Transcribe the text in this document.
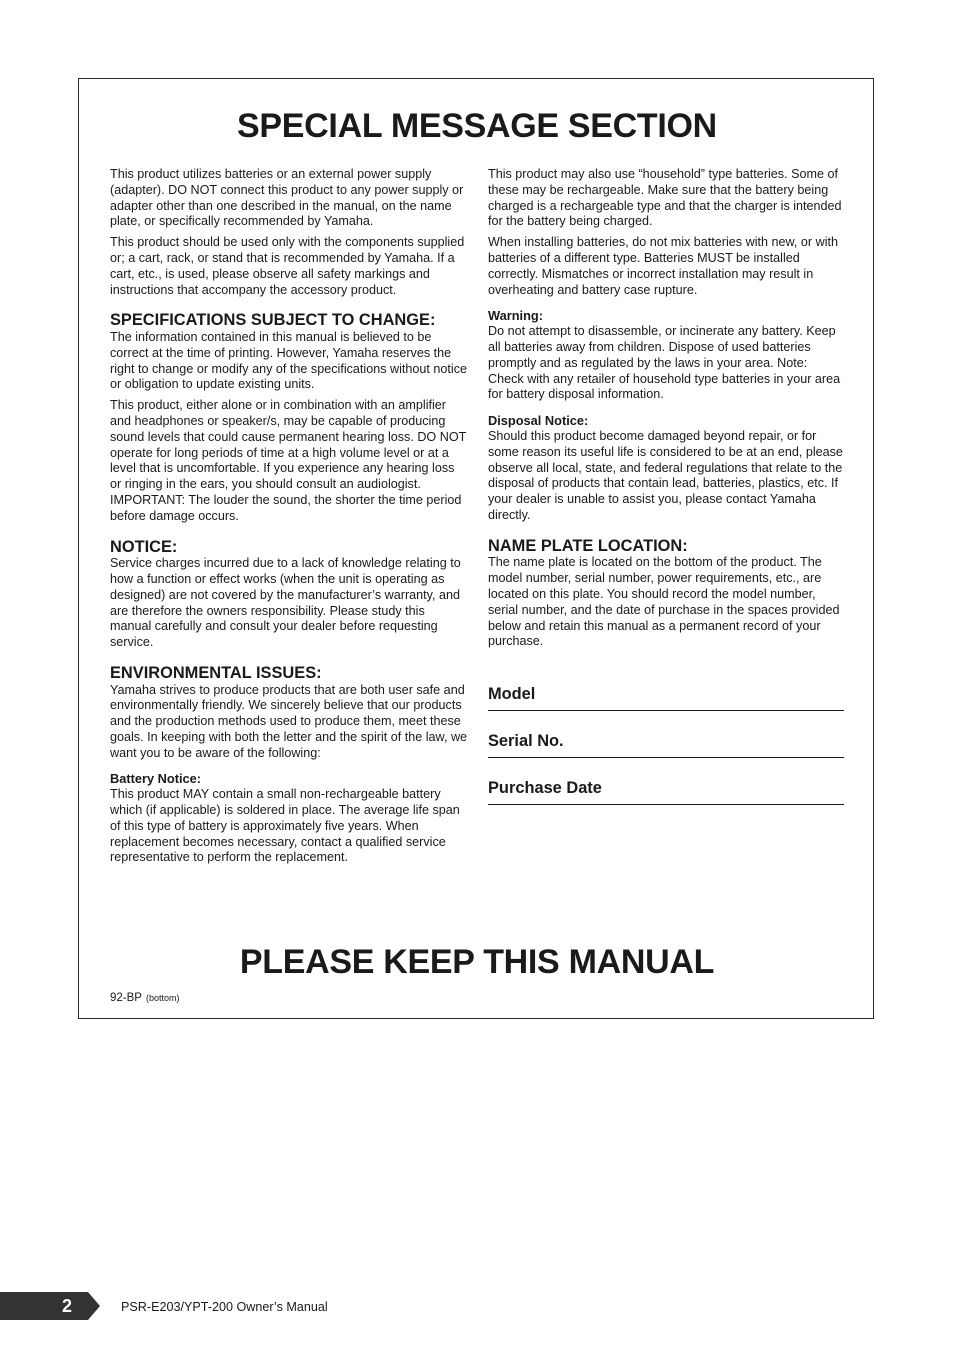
SPECIAL MESSAGE SECTION

This product utilizes batteries or an external power supply (adapter). DO NOT connect this product to any power supply or adapter other than one described in the manual, on the name plate, or specifically recommended by Yamaha.

This product should be used only with the components supplied or; a cart, rack, or stand that is recommended by Yamaha. If a cart, etc., is used, please observe all safety markings and instructions that accompany the accessory product.

SPECIFICATIONS SUBJECT TO CHANGE:

The information contained in this manual is believed to be correct at the time of printing. However, Yamaha reserves the right to change or modify any of the specifications without notice or obligation to update existing units.

This product, either alone or in combination with an amplifier and headphones or speaker/s, may be capable of producing sound levels that could cause permanent hearing loss. DO NOT operate for long periods of time at a high volume level or at a level that is uncomfortable. If you experience any hearing loss or ringing in the ears, you should consult an audiologist.

IMPORTANT: The louder the sound, the shorter the time period before damage occurs.

NOTICE:

Service charges incurred due to a lack of knowledge relating to how a function or effect works (when the unit is operating as designed) are not covered by the manufacturer’s warranty, and are therefore the owners responsibility. Please study this manual carefully and consult your dealer before requesting service.

ENVIRONMENTAL ISSUES:

Yamaha strives to produce products that are both user safe and environmentally friendly. We sincerely believe that our products and the production methods used to produce them, meet these goals. In keeping with both the letter and the spirit of the law, we want you to be aware of the following:

Battery Notice:

This product MAY contain a small non-rechargeable battery which (if applicable) is soldered in place. The average life span of this type of battery is approximately five years. When replacement becomes necessary, contact a qualified service representative to perform the replacement.

This product may also use “household” type batteries. Some of these may be rechargeable. Make sure that the battery being charged is a rechargeable type and that the charger is intended for the battery being charged.

When installing batteries, do not mix batteries with new, or with batteries of a different type. Batteries MUST be installed correctly. Mismatches or incorrect installation may result in overheating and battery case rupture.

Warning:

Do not attempt to disassemble, or incinerate any battery. Keep all batteries away from children. Dispose of used batteries promptly and as regulated by the laws in your area. Note: Check with any retailer of household type batteries in your area for battery disposal information.

Disposal Notice:

Should this product become damaged beyond repair, or for some reason its useful life is considered to be at an end, please observe all local, state, and federal regulations that relate to the disposal of products that contain lead, batteries, plastics, etc. If your dealer is unable to assist you, please contact Yamaha directly.

NAME PLATE LOCATION:

The name plate is located on the bottom of the product. The model number, serial number, power requirements, etc., are located on this plate. You should record the model number, serial number, and the date of purchase in the spaces provided below and retain this manual as a permanent record of your purchase.

Model
Serial No.
Purchase Date
PLEASE KEEP THIS MANUAL
92-BP (bottom)
2	PSR-E203/YPT-200 Owner’s Manual
